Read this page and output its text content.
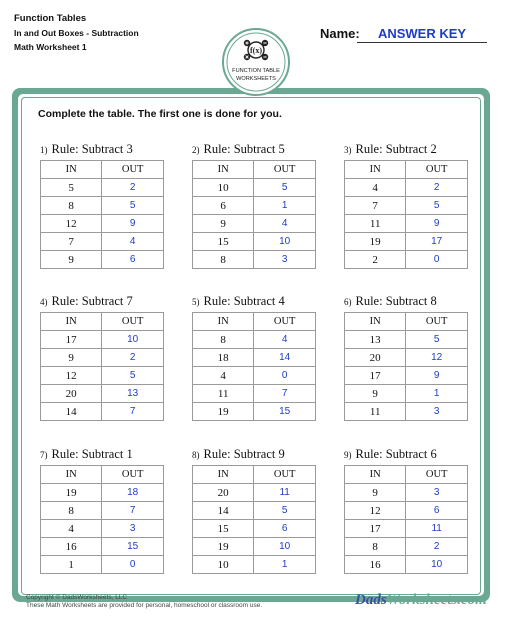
Function Tables
In and Out Boxes - Subtraction
Math Worksheet 1
Name:	ANSWER KEY
f(x)
FUNCTION TABLE
WORKSHEETS
Complete the table. The first one is done for you.
1) Rule: Subtract 3
IN	OUT
5	2
8	5
12	9
7	4
9	6
2) Rule: Subtract 5
IN	OUT
10	5
6	1
9	4
15	10
8	3
3) Rule: Subtract 2
IN	OUT
4	2
7	5
11	9
19	17
2	0
4) Rule: Subtract 7
IN	OUT
17	10
9	2
12	5
20	13
14	7
5) Rule: Subtract 4
IN	OUT
8	4
18	14
4	0
11	7
19	15
6) Rule: Subtract 8
IN	OUT
13	5
20	12
17	9
9	1
11	3
7) Rule: Subtract 1
IN	OUT
19	18
8	7
4	3
16	15
1	0
8) Rule: Subtract 9
IN	OUT
20	11
14	5
15	6
19	10
10	1
9) Rule: Subtract 6
IN	OUT
9	3
12	6
17	11
8	2
16	10
Copyright © DadsWorksheets, LLC
These Math Worksheets are provided for personal, homeschool or classroom use.	DadsWorksheets.com
